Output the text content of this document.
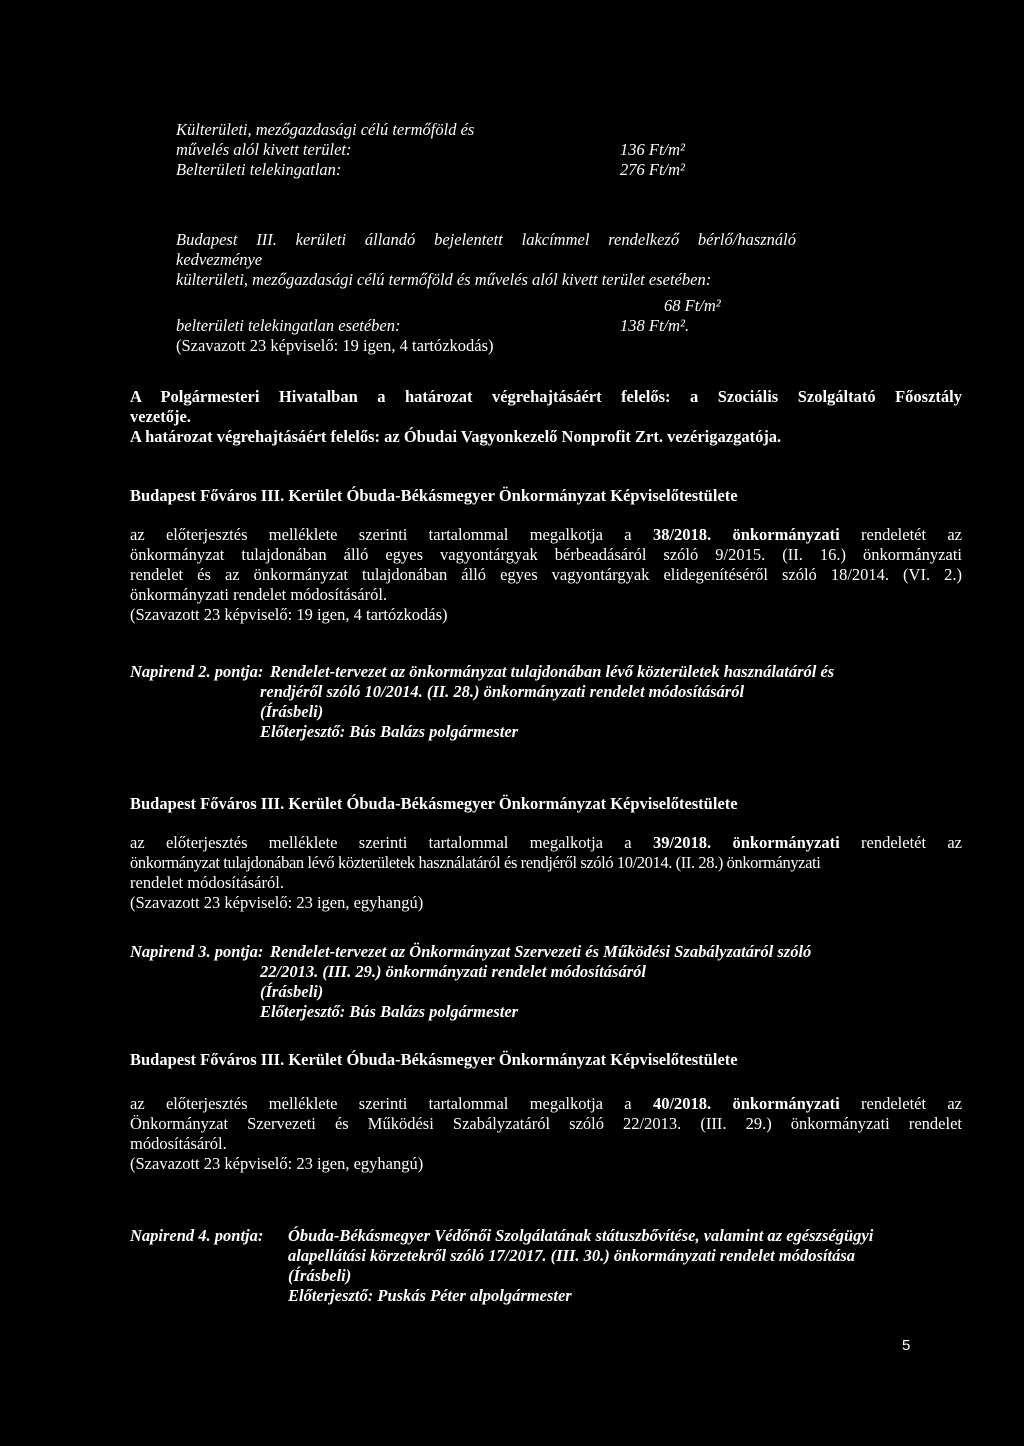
Külterületi, mezőgazdasági célú termőföld és
művelés alól kivett terület:	136 Ft/m²
Belterületi telekingatlan:	276 Ft/m²
Budapest III. kerületi állandó bejelentett lakcímmel rendelkező bérlő/használó
kedvezménye
külterületi, mezőgazdasági célú termőföld és művelés alól kivett terület esetében:
68 Ft/m²
belterületi telekingatlan esetében:	138 Ft/m².
(Szavazott 23 képviselő: 19 igen, 4 tartózkodás)
A Polgármesteri Hivatalban a határozat végrehajtásáért felelős: a Szociális Szolgáltató Főosztály
vezetője.
A határozat végrehajtásáért felelős: az Óbudai Vagyonkezelő Nonprofit Zrt. vezérigazgatója.
Budapest Főváros III. Kerület Óbuda-Békásmegyer Önkormányzat Képviselőtestülete
az előterjesztés melléklete szerinti tartalommal megalkotja a 38/2018. önkormányzati rendeletét az
önkormányzat tulajdonában álló egyes vagyontárgyak bérbeadásáról szóló 9/2015. (II. 16.) önkormányzati
rendelet és az önkormányzat tulajdonában álló egyes vagyontárgyak elidegenítéséről szóló 18/2014. (VI. 2.)
önkormányzati rendelet módosításáról.
(Szavazott 23 képviselő: 19 igen, 4 tartózkodás)
Napirend 2. pontja: Rendelet-tervezet az önkormányzat tulajdonában lévő közterületek használatáról és
rendjéről szóló 10/2014. (II. 28.) önkormányzati rendelet módosításáról
(Írásbeli)
Előterjesztő: Bús Balázs polgármester
Budapest Főváros III. Kerület Óbuda-Békásmegyer Önkormányzat Képviselőtestülete
az előterjesztés melléklete szerinti tartalommal megalkotja a 39/2018. önkormányzati rendeletét az
önkormányzat tulajdonában lévő közterületek használatáról és rendjéről szóló 10/2014. (II. 28.) önkormányzati
rendelet módosításáról.
(Szavazott 23 képviselő: 23 igen, egyhangú)
Napirend 3. pontja: Rendelet-tervezet az Önkormányzat Szervezeti és Működési Szabályzatáról szóló
22/2013. (III. 29.) önkormányzati rendelet módosításáról
(Írásbeli)
Előterjesztő: Bús Balázs polgármester
Budapest Főváros III. Kerület Óbuda-Békásmegyer Önkormányzat Képviselőtestülete
az előterjesztés melléklete szerinti tartalommal megalkotja a 40/2018. önkormányzati rendeletét az
Önkormányzat Szervezeti és Működési Szabályzatáról szóló 22/2013. (III. 29.) önkormányzati rendelet
módosításáról.
(Szavazott 23 képviselő: 23 igen, egyhangú)
Napirend 4. pontja: Óbuda-Békásmegyer Védőnői Szolgálatának státuszbővítése, valamint az egészségügyi
alapellátási körzetekről szóló 17/2017. (III. 30.) önkormányzati rendelet módosítása
(Írásbeli)
Előterjesztő: Puskás Péter alpolgármester
5
